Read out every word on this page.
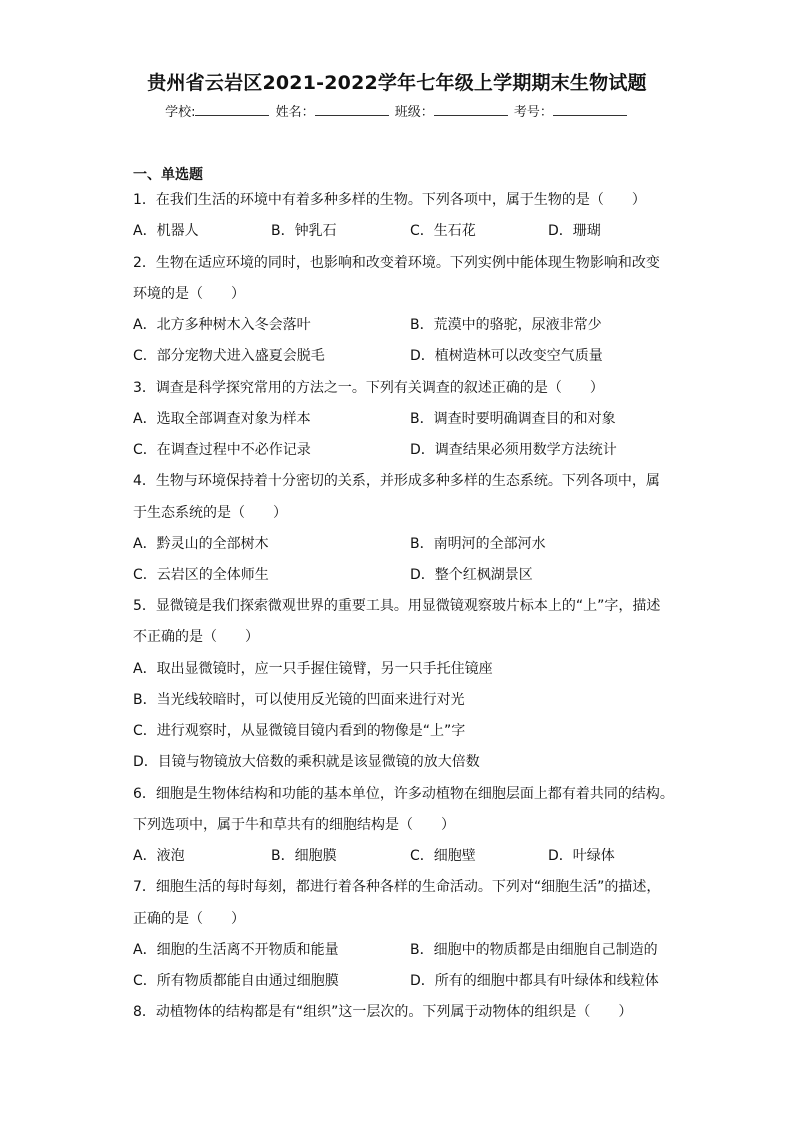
贵州省云岩区2021-2022学年七年级上学期期末生物试题
学校:	姓名：	班级：	考号：
一、单选题
1．在我们生活的环境中有着多种多样的生物。下列各项中，属于生物的是（　　）
A．机器人	B．钟乳石	C．生石花	D．珊瑚
2．生物在适应环境的同时，也影响和改变着环境。下列实例中能体现生物影响和改变
环境的是（　　）
A．北方多种树木入冬会落叶	B．荒漠中的骆驼，尿液非常少
C．部分宠物犬进入盛夏会脱毛	D．植树造林可以改变空气质量
3．调查是科学探究常用的方法之一。下列有关调查的叙述正确的是（　　）
A．选取全部调查对象为样本	B．调查时要明确调查目的和对象
C．在调查过程中不必作记录	D．调查结果必须用数学方法统计
4．生物与环境保持着十分密切的关系，并形成多种多样的生态系统。下列各项中，属
于生态系统的是（　　）
A．黔灵山的全部树木	B．南明河的全部河水
C．云岩区的全体师生	D．整个红枫湖景区
5．显微镜是我们探索微观世界的重要工具。用显微镜观察玻片标本上的“上”字，描述
不正确的是（　　）
A．取出显微镜时，应一只手握住镜臂，另一只手托住镜座
B．当光线较暗时，可以使用反光镜的凹面来进行对光
C．进行观察时，从显微镜目镜内看到的物像是“上”字
D．目镜与物镜放大倍数的乘积就是该显微镜的放大倍数
6．细胞是生物体结构和功能的基本单位，许多动植物在细胞层面上都有着共同的结构。
下列选项中，属于牛和草共有的细胞结构是（　　）
A．液泡	B．细胞膜	C．细胞壁	D．叶绿体
7．细胞生活的每时每刻，都进行着各种各样的生命活动。下列对“细胞生活”的描述，
正确的是（　　）
A．细胞的生活离不开物质和能量	B．细胞中的物质都是由细胞自己制造的
C．所有物质都能自由通过细胞膜	D．所有的细胞中都具有叶绿体和线粒体
8．动植物体的结构都是有“组织”这一层次的。下列属于动物体的组织是（　　）
